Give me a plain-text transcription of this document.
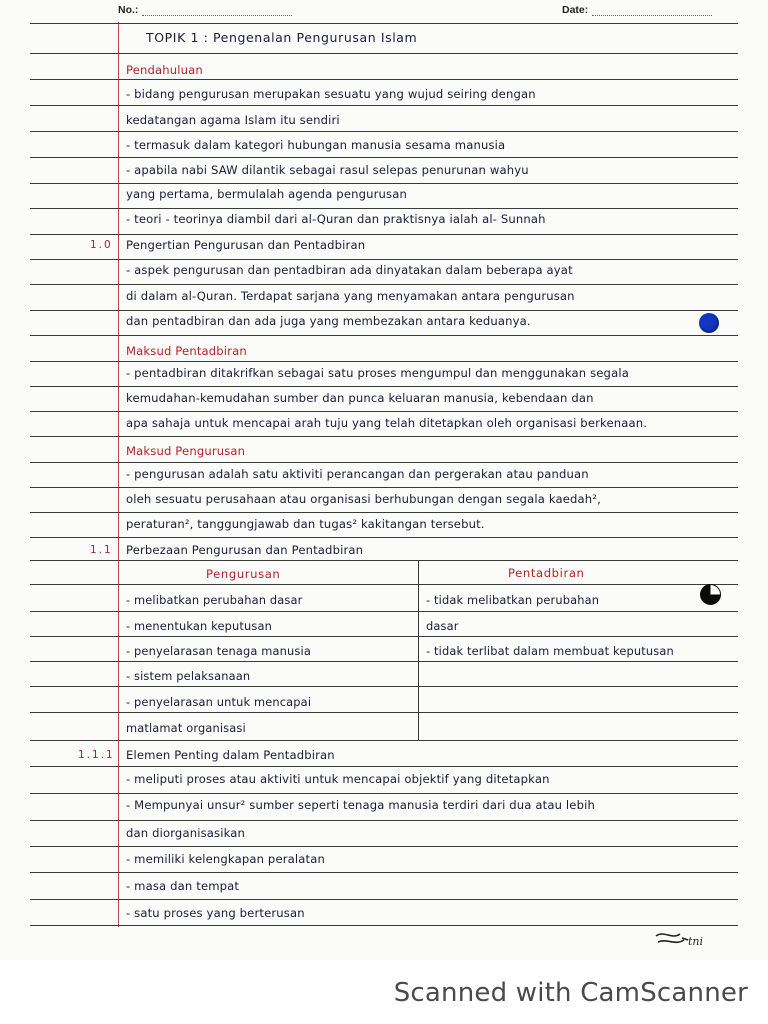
No.:	Date:
TOPIK 1 : Pengenalan Pengurusan Islam
Pendahuluan
- bidang pengurusan merupakan sesuatu yang wujud seiring dengan
kedatangan agama Islam itu sendiri
- termasuk dalam kategori hubungan manusia sesama manusia
- apabila nabi SAW dilantik sebagai rasul selepas penurunan wahyu
yang pertama, bermulalah agenda pengurusan
- teori - teorinya diambil dari al-Quran dan praktisnya ialah al- Sunnah
Pengertian Pengurusan dan Pentadbiran
1.0
- aspek pengurusan dan pentadbiran ada dinyatakan dalam beberapa ayat
di dalam al-Quran. Terdapat sarjana yang menyamakan antara pengurusan
dan pentadbiran dan ada juga yang membezakan antara keduanya.
Maksud Pentadbiran
- pentadbiran ditakrifkan sebagai satu proses mengumpul dan menggunakan segala
kemudahan-kemudahan sumber dan punca keluaran manusia, kebendaan dan
apa sahaja untuk mencapai arah tuju yang telah ditetapkan oleh organisasi berkenaan.
Maksud Pengurusan
- pengurusan adalah satu aktiviti perancangan dan pergerakan atau panduan
oleh sesuatu perusahaan atau organisasi berhubungan dengan segala kaedah²,
peraturan², tanggungjawab dan tugas² kakitangan tersebut.
Perbezaan Pengurusan dan Pentadbiran
1.1
Pengurusan	Pentadbiran
- melibatkan perubahan dasar	- tidak melibatkan perubahan
- menentukan keputusan	dasar
- penyelarasan tenaga manusia	- tidak terlibat dalam membuat keputusan
- sistem pelaksanaan
- penyelarasan untuk mencapai
matlamat organisasi
Elemen Penting dalam Pentadbiran
1.1.1
- meliputi proses atau aktiviti untuk mencapai objektif yang ditetapkan
- Mempunyai unsur² sumber seperti tenaga manusia terdiri dari dua atau lebih
dan diorganisasikan
- memiliki kelengkapan peralatan
- masa dan tempat
- satu proses yang berterusan
tni
Scanned with CamScanner
